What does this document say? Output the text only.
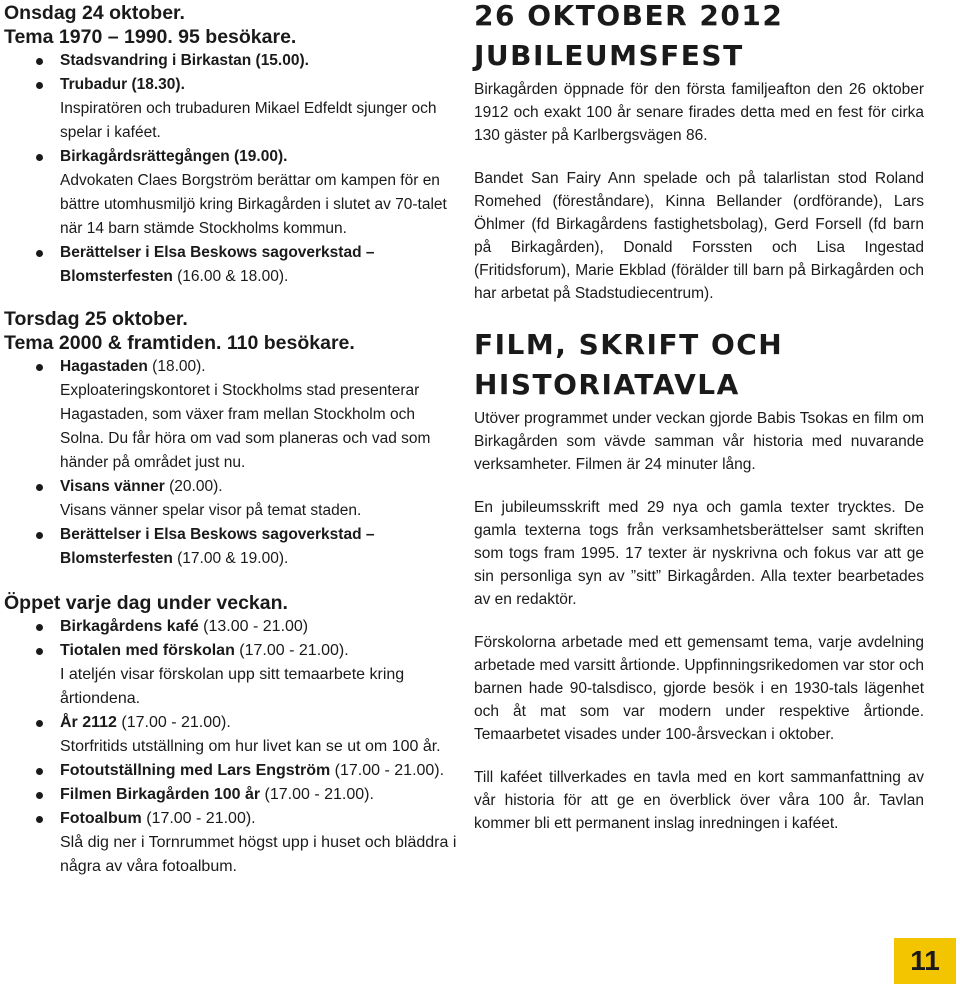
Onsdag 24 oktober.

Tema 1970 – 1990. 95 besökare.

Stadsvandring i Birkastan (15.00).
Trubadur (18.30).
Inspiratören och trubaduren Mikael Edfeldt sjunger och spelar i kaféet.
Birkagårdsrättegången (19.00).
Advokaten Claes Borgström berättar om kampen för en bättre utomhusmiljö kring Birkagården i slutet av 70-talet när 14 barn stämde Stockholms kommun.
Berättelser i Elsa Beskows sagoverkstad – Blomsterfesten (16.00 & 18.00).

Torsdag 25 oktober.

Tema 2000 & framtiden. 110 besökare.

Hagastaden (18.00).
Exploateringskontoret i Stockholms stad presenterar Hagastaden, som växer fram mellan Stockholm och Solna. Du får höra om vad som planeras och vad som händer på området just nu.
Visans vänner (20.00).
Visans vänner spelar visor på temat staden.
Berättelser i Elsa Beskows sagoverkstad – Blomsterfesten (17.00 & 19.00).

Öppet varje dag under veckan.

Birkagårdens kafé (13.00 - 21.00)
Tiotalen med förskolan (17.00 - 21.00).
I ateljén visar förskolan upp sitt temaarbete kring årtiondena.
År 2112 (17.00 - 21.00).
Storfritids utställning om hur livet kan se ut om 100 år.
Fotoutställning med Lars Engström (17.00 - 21.00).
Filmen Birkagården 100 år (17.00 - 21.00).
Fotoalbum (17.00 - 21.00).
Slå dig ner i Tornrummet högst upp i huset och bläddra i några av våra fotoalbum.
26 OKTOBER 2012
JUBILEUMSFEST

Birkagården öppnade för den första familjeafton den 26 oktober 1912 och exakt 100 år senare firades detta med en fest för cirka 130 gäster på Karlbergsvägen 86.

Bandet San Fairy Ann spelade och på talarlistan stod Roland Romehed (föreståndare), Kinna Bellander (ordförande), Lars Öhlmer (fd Birkagårdens fastighetsbolag), Gerd Forsell (fd barn på Birkagården), Donald Forssten och Lisa Ingestad (Fritidsforum), Marie Ekblad (förälder till barn på Birkagården och har arbetat på Stadstudiecentrum).

FILM, SKRIFT OCH
HISTORIATAVLA

Utöver programmet under veckan gjorde Babis Tsokas en film om Birkagården som vävde samman vår historia med nuvarande verksamheter. Filmen är 24 minuter lång.

En jubileumsskrift med 29 nya och gamla texter trycktes. De gamla texterna togs från verksamhetsberättelser samt skriften som togs fram 1995. 17 texter är nyskrivna och fokus var att ge sin personliga syn av ”sitt” Birkagården. Alla texter bearbetades av en redaktör.

Förskolorna arbetade med ett gemensamt tema, varje avdelning arbetade med varsitt årtionde. Uppfinningsrikedomen var stor och barnen hade 90-talsdisco, gjorde besök i en 1930-tals lägenhet och åt mat som var modern under respektive årtionde. Temaarbetet visades under 100-årsveckan i oktober.

Till kaféet tillverkades en tavla med en kort sammanfattning av vår historia för att ge en överblick över våra 100 år. Tavlan kommer bli ett permanent inslag inredningen i kaféet.

11
